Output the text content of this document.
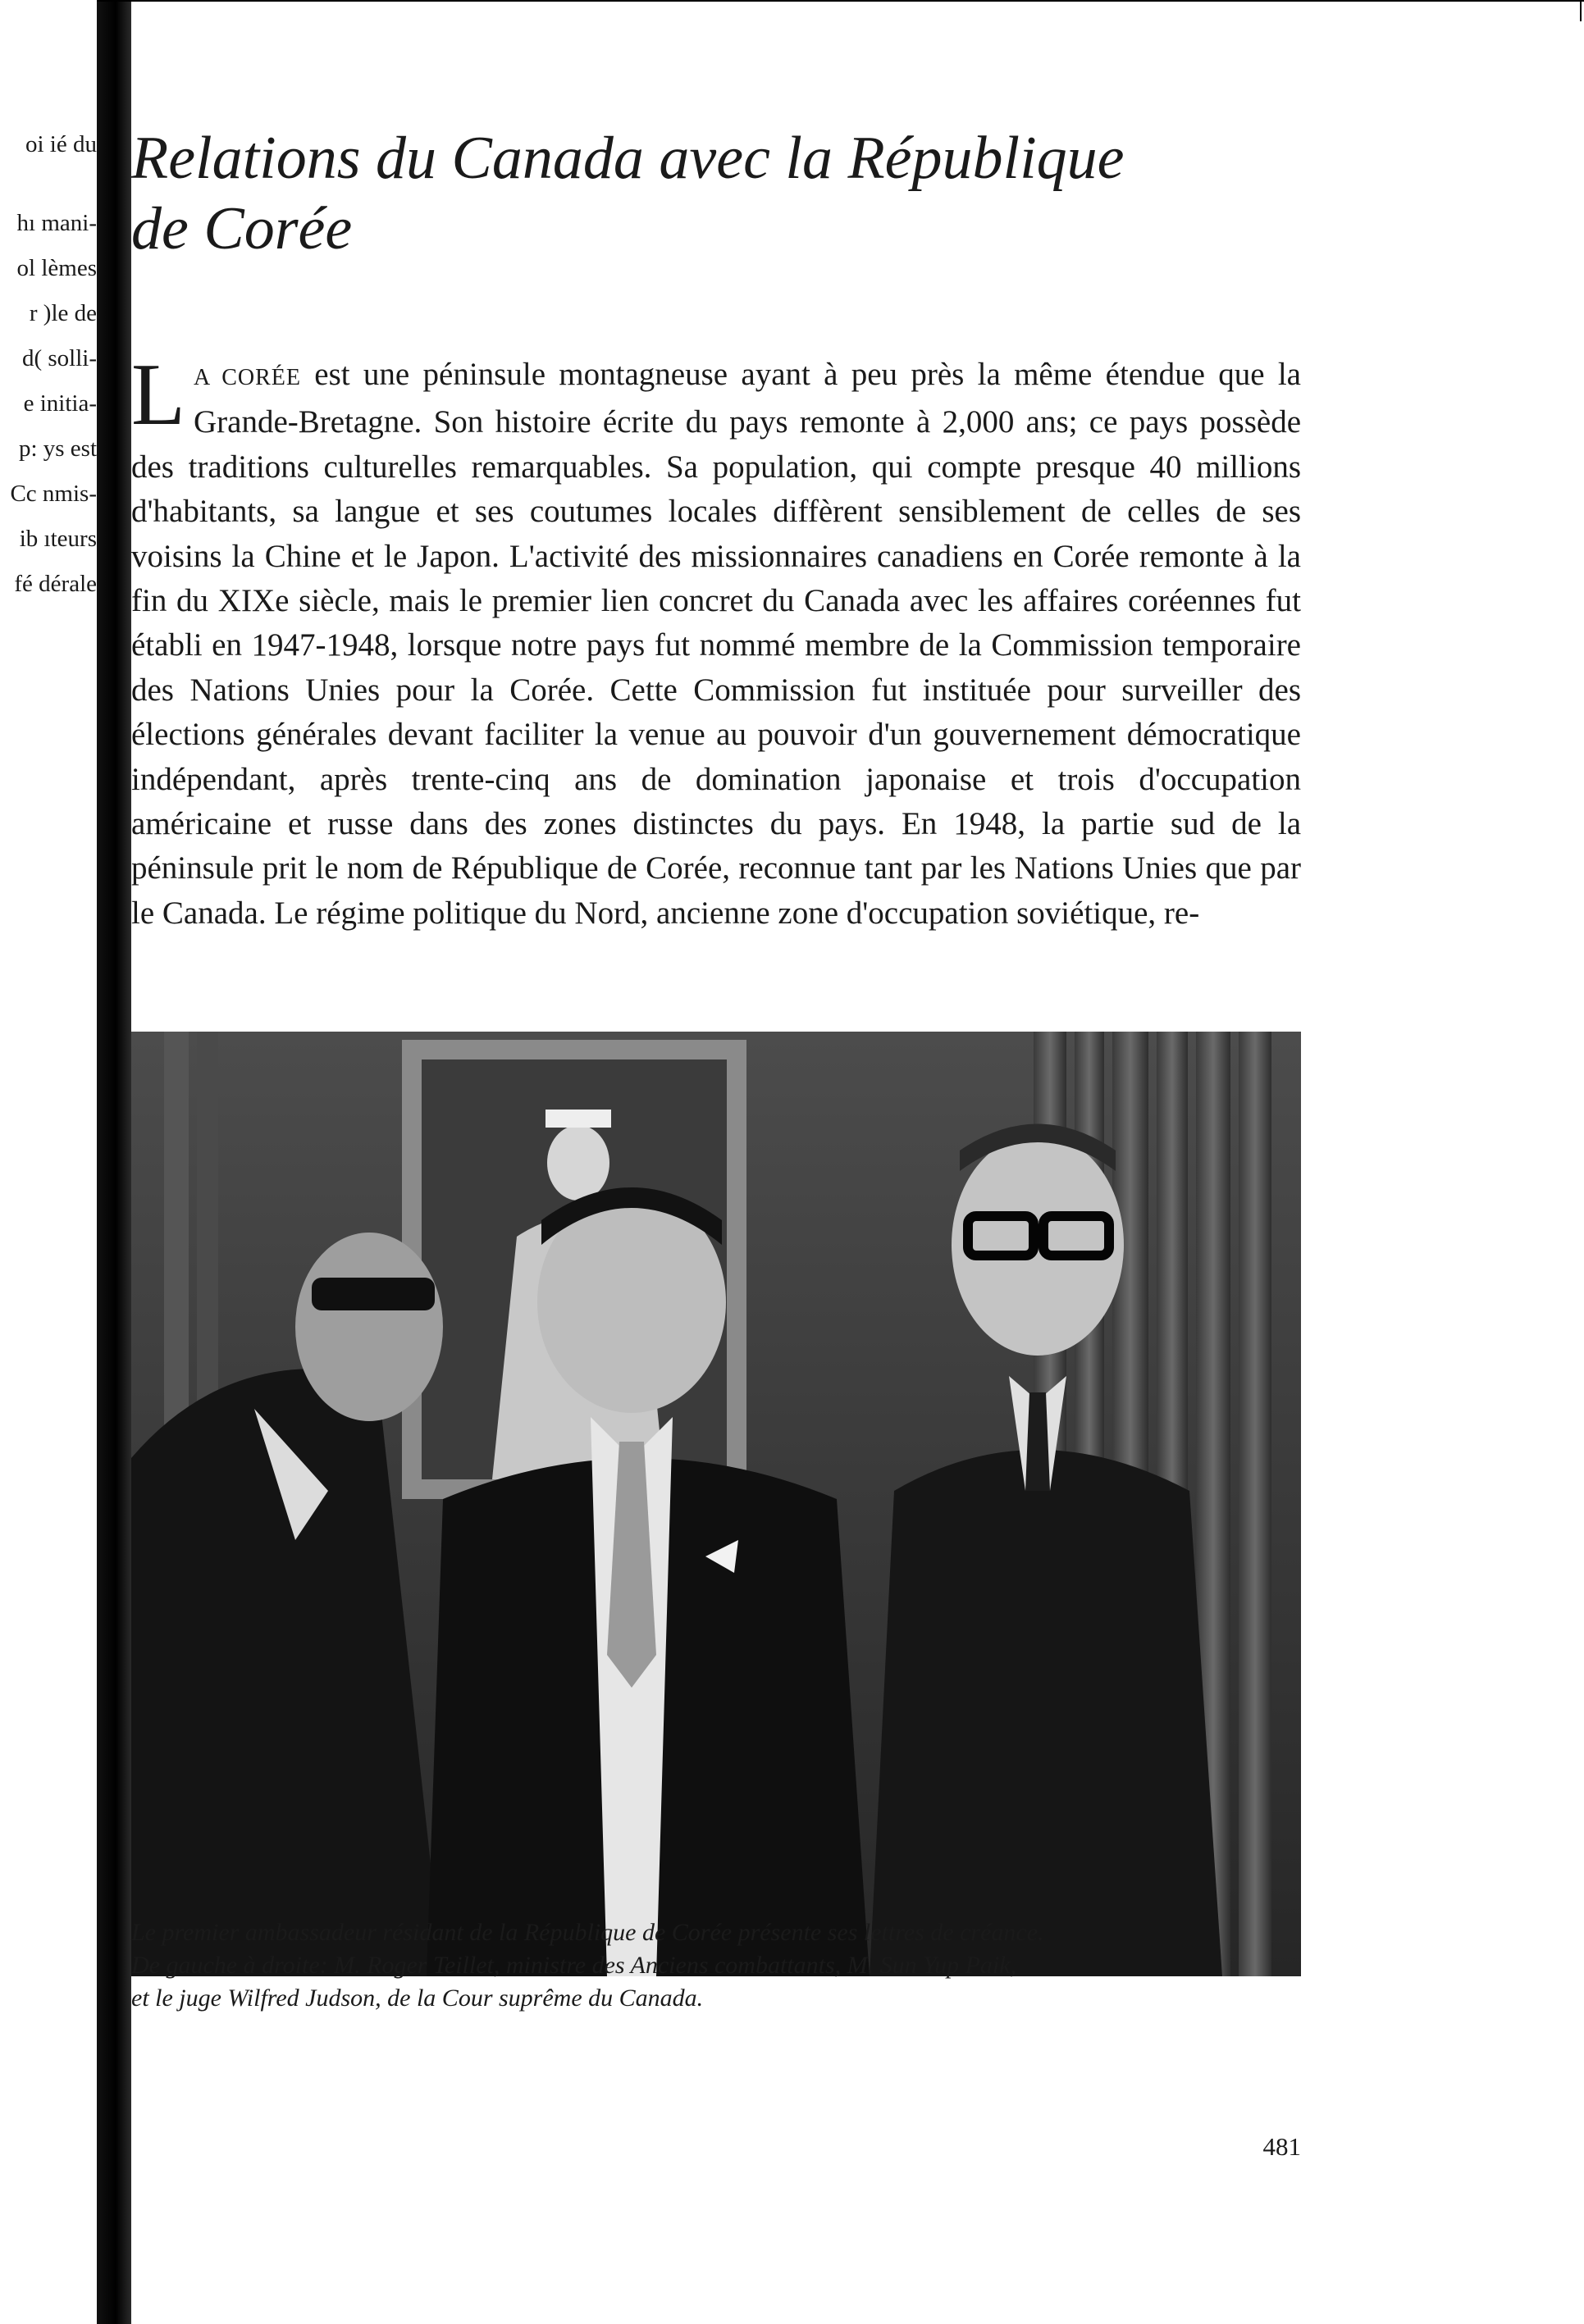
oi ié du
hı mani-
ol lèmes
r )le de
d( solli-
e initia-
p: ys est
Cc nmis-
ib ıteurs
fé dérale
Relations du Canada avec la République
de Corée

L A CORÉE est une péninsule montagneuse ayant à peu près la même étendue que la Grande-Bretagne. Son histoire écrite du pays remonte à 2,000 ans; ce pays possède des traditions culturelles remarquables. Sa population, qui compte presque 40 millions d'habitants, sa langue et ses coutumes locales diffèrent sensiblement de celles de ses voisins la Chine et le Japon. L'activité des missionnaires canadiens en Corée remonte à la fin du XIXe siècle, mais le premier lien concret du Canada avec les affaires coréennes fut établi en 1947-1948, lorsque notre pays fut nommé membre de la Commission temporaire des Nations Unies pour la Corée. Cette Commission fut instituée pour surveiller des élections générales devant faciliter la venue au pouvoir d'un gouvernement démocratique indépendant, après trente-cinq ans de domination japonaise et trois d'occupation américaine et russe dans des zones distinctes du pays. En 1948, la partie sud de la péninsule prit le nom de République de Corée, reconnue tant par les Nations Unies que par le Canada. Le régime politique du Nord, ancienne zone d'occupation soviétique, re-

Le premier ambassadeur résidant de la République de Corée présente ses lettres de créance.
De gauche à droite: M. Roger Teillet, ministre des Anciens combattants, M. Sun Yup Paik,
et le juge Wilfred Judson, de la Cour suprême du Canada.

481
